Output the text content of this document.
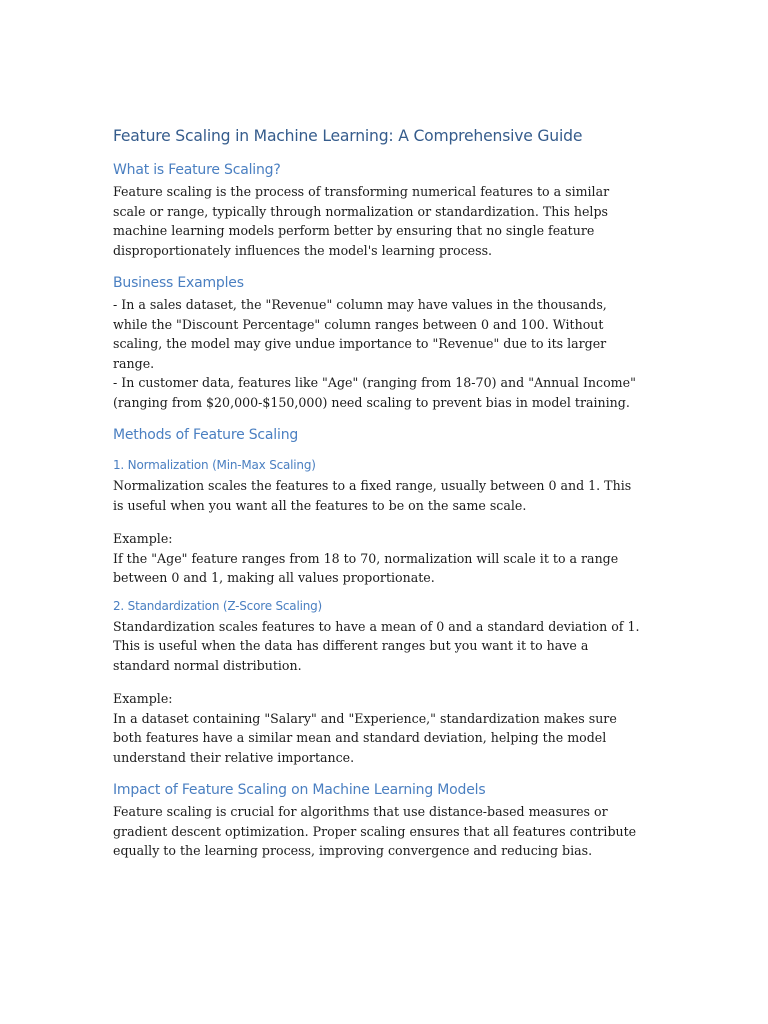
Feature Scaling in Machine Learning: A Comprehensive Guide
What is Feature Scaling?

Feature scaling is the process of transforming numerical features to a similar scale or range, typically through normalization or standardization. This helps machine learning models perform better by ensuring that no single feature disproportionately influences the model's learning process.

Business Examples

- In a sales dataset, the "Revenue" column may have values in the thousands, while the "Discount Percentage" column ranges between 0 and 100. Without scaling, the model may give undue importance to "Revenue" due to its larger range.

- In customer data, features like "Age" (ranging from 18-70) and "Annual Income" (ranging from $20,000-$150,000) need scaling to prevent bias in model training.

Methods of Feature Scaling
1. Normalization (Min-Max Scaling)

Normalization scales the features to a fixed range, usually between 0 and 1. This is useful when you want all the features to be on the same scale.

Example:

If the "Age" feature ranges from 18 to 70, normalization will scale it to a range between 0 and 1, making all values proportionate.

2. Standardization (Z-Score Scaling)

Standardization scales features to have a mean of 0 and a standard deviation of 1. This is useful when the data has different ranges but you want it to have a standard normal distribution.

Example:

In a dataset containing "Salary" and "Experience," standardization makes sure both features have a similar mean and standard deviation, helping the model understand their relative importance.

Impact of Feature Scaling on Machine Learning Models

Feature scaling is crucial for algorithms that use distance-based measures or gradient descent optimization. Proper scaling ensures that all features contribute equally to the learning process, improving convergence and reducing bias.
